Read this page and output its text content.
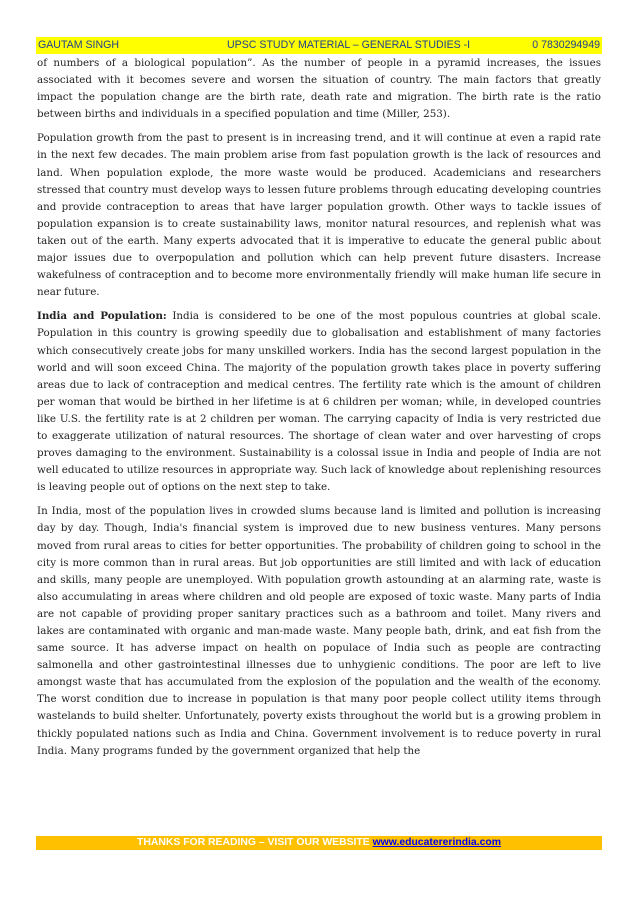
GAUTAM SINGH	UPSC STUDY MATERIAL – GENERAL STUDIES -I	0 7830294949

of numbers of a biological population”. As the number of people in a pyramid increases, the issues associated with it becomes severe and worsen the situation of country. The main factors that greatly impact the population change are the birth rate, death rate and migration. The birth rate is the ratio between births and individuals in a specified population and time (Miller, 253).

Population growth from the past to present is in increasing trend, and it will continue at even a rapid rate in the next few decades. The main problem arise from fast population growth is the lack of resources and land. When population explode, the more waste would be produced. Academicians and researchers stressed that country must develop ways to lessen future problems through educating developing countries and provide contraception to areas that have larger population growth. Other ways to tackle issues of population expansion is to create sustainability laws, monitor natural resources, and replenish what was taken out of the earth. Many experts advocated that it is imperative to educate the general public about major issues due to overpopulation and pollution which can help prevent future disasters. Increase wakefulness of contraception and to become more environmentally friendly will make human life secure in near future.

India and Population: India is considered to be one of the most populous countries at global scale. Population in this country is growing speedily due to globalisation and establishment of many factories which consecutively create jobs for many unskilled workers. India has the second largest population in the world and will soon exceed China. The majority of the population growth takes place in poverty suffering areas due to lack of contraception and medical centres. The fertility rate which is the amount of children per woman that would be birthed in her lifetime is at 6 children per woman; while, in developed countries like U.S. the fertility rate is at 2 children per woman. The carrying capacity of India is very restricted due to exaggerate utilization of natural resources. The shortage of clean water and over harvesting of crops proves damaging to the environment. Sustainability is a colossal issue in India and people of India are not well educated to utilize resources in appropriate way. Such lack of knowledge about replenishing resources is leaving people out of options on the next step to take.

In India, most of the population lives in crowded slums because land is limited and pollution is increasing day by day. Though, India's financial system is improved due to new business ventures. Many persons moved from rural areas to cities for better opportunities. The probability of children going to school in the city is more common than in rural areas. But job opportunities are still limited and with lack of education and skills, many people are unemployed. With population growth astounding at an alarming rate, waste is also accumulating in areas where children and old people are exposed of toxic waste. Many parts of India are not capable of providing proper sanitary practices such as a bathroom and toilet. Many rivers and lakes are contaminated with organic and man-made waste. Many people bath, drink, and eat fish from the same source. It has adverse impact on health on populace of India such as people are contracting salmonella and other gastrointestinal illnesses due to unhygienic conditions. The poor are left to live amongst waste that has accumulated from the explosion of the population and the wealth of the economy. The worst condition due to increase in population is that many poor people collect utility items through wastelands to build shelter. Unfortunately, poverty exists throughout the world but is a growing problem in thickly populated nations such as India and China. Government involvement is to reduce poverty in rural India. Many programs funded by the government organized that help the

THANKS FOR READING – VISIT OUR WEBSITE www.educatererindia.com
